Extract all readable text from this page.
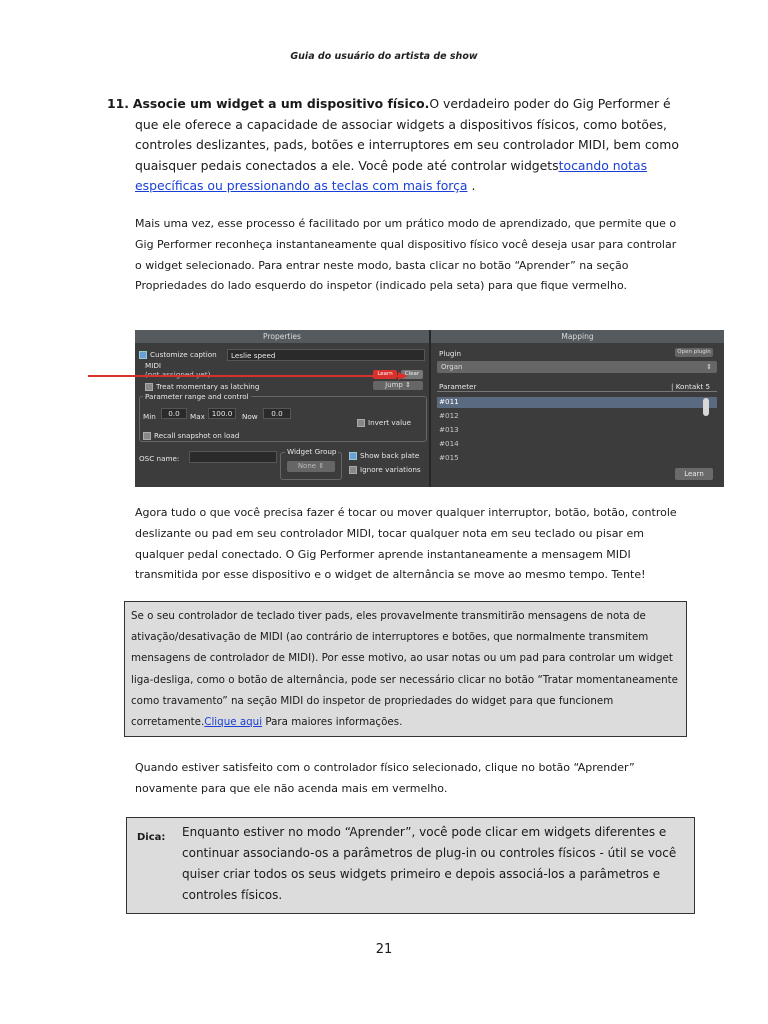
Guia do usuário do artista de show
11. Associe um widget a um dispositivo físico.O verdadeiro poder do Gig Performer é que ele oferece a capacidade de associar widgets a dispositivos físicos, como botões, controles deslizantes, pads, botões e interruptores em seu controlador MIDI, bem como quaisquer pedais conectados a ele. Você pode até controlar widgetstocando notas específicas ou pressionando as teclas com mais força .
Mais uma vez, esse processo é facilitado por um prático modo de aprendizado, que permite que o Gig Performer reconheça instantaneamente qual dispositivo físico você deseja usar para controlar o widget selecionado. Para entrar neste modo, basta clicar no botão “Aprender” na seção Propriedades do lado esquerdo do inspetor (indicado pela seta) para que fique vermelho.
Properties	Mapping
Customize caption Leslie speed
MIDI
(not assigned yet)	Learn	Clear
Treat momentary as latching	Jump ⇕
Parameter range and control
Min	0.0	Max 100.0	Now	0.0
Invert value
Recall snapshot on load
OSC name:
Widget Group
None ⇕
Show back plate
Ignore variations
Plugin	Open plugin
Organ	⇕
Parameter	| Kontakt 5
#011
#012
#013
#014
#015
Learn
Agora tudo o que você precisa fazer é tocar ou mover qualquer interruptor, botão, botão, controle deslizante ou pad em seu controlador MIDI, tocar qualquer nota em seu teclado ou pisar em qualquer pedal conectado. O Gig Performer aprende instantaneamente a mensagem MIDI transmitida por esse dispositivo e o widget de alternância se move ao mesmo tempo. Tente!
Se o seu controlador de teclado tiver pads, eles provavelmente transmitirão mensagens de nota de ativação/desativação de MIDI (ao contrário de interruptores e botões, que normalmente transmitem mensagens de controlador de MIDI). Por esse motivo, ao usar notas ou um pad para controlar um widget liga-desliga, como o botão de alternância, pode ser necessário clicar no botão “Tratar momentaneamente como travamento” na seção MIDI do inspetor de propriedades do widget para que funcionem corretamente.Clique aqui Para maiores informações.
Quando estiver satisfeito com o controlador físico selecionado, clique no botão “Aprender” novamente para que ele não acenda mais em vermelho.
Dica: Enquanto estiver no modo “Aprender”, você pode clicar em widgets diferentes e continuar associando-os a parâmetros de plug-in ou controles físicos - útil se você quiser criar todos os seus widgets primeiro e depois associá-los a parâmetros e controles físicos.
21
